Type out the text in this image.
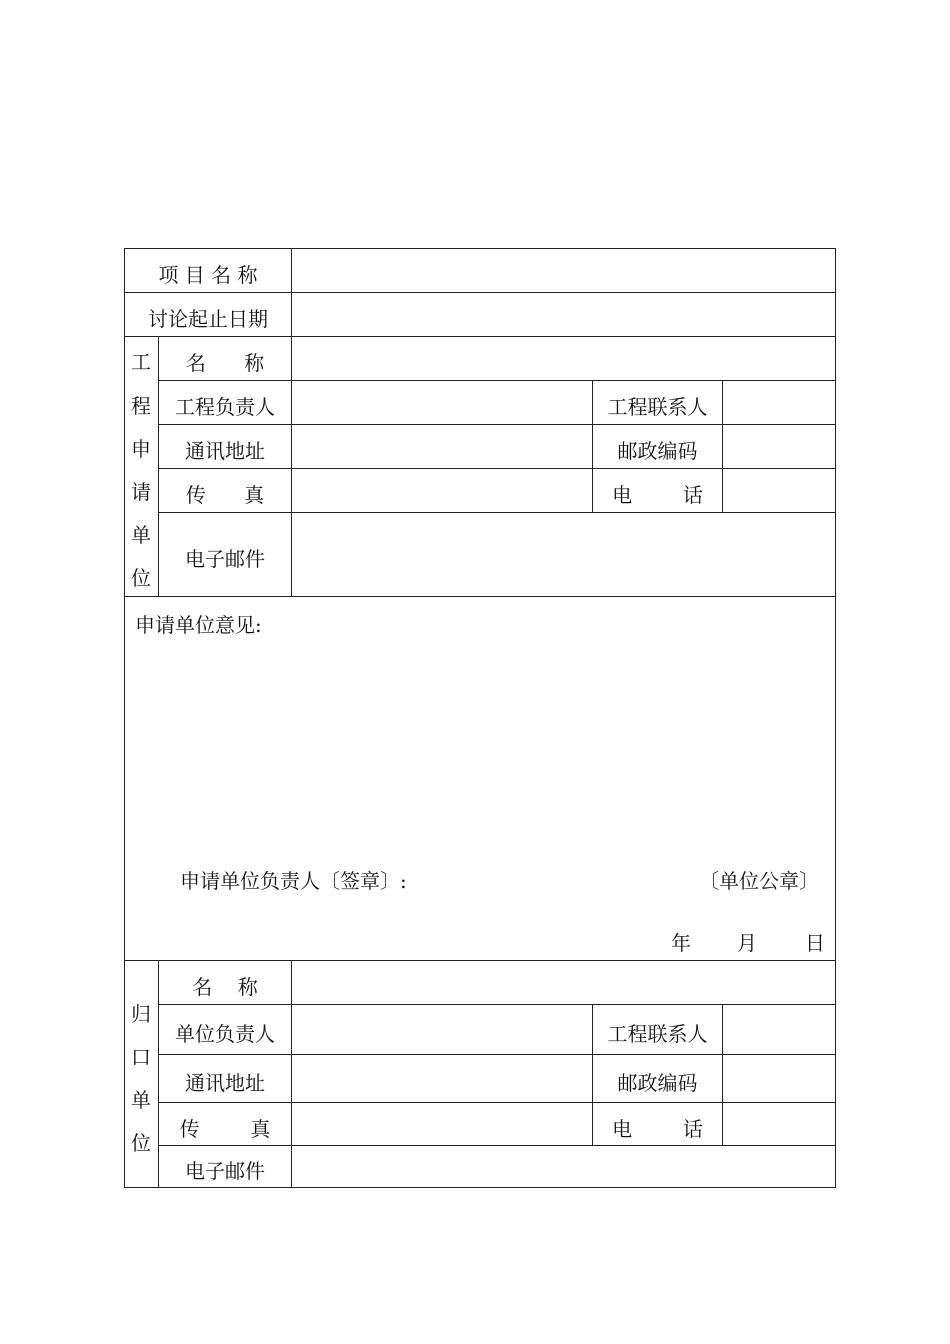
项 目 名 称
讨论起止日期
工
程
申
请
单
位
名      称
工程负责人	工程联系人
通讯地址	邮政编码
传      真	电        话
电子邮件
申请单位意见:
申请单位负责人〔签章〕:	〔单位公章〕
年 月 日
归
口
单
位
名    称
单位负责人	工程联系人
通讯地址	邮政编码
传        真	电        话
电子邮件
